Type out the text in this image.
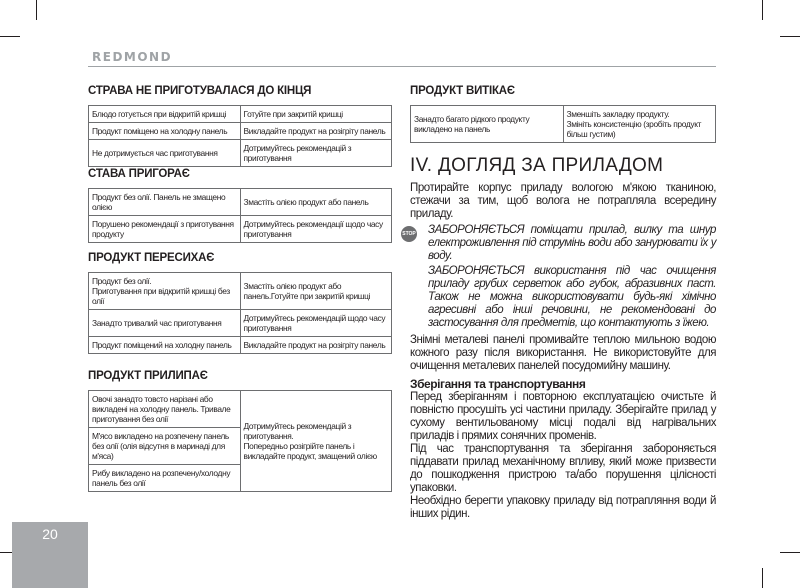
REDMOND
СТРАВА НЕ ПРИГОТУВАЛАСЯ ДО КІНЦЯ
Блюдо готується при відкритій кришці	Готуйте при закритій кришці
Продукт поміщено на холодну панель	Викладайте продукт на розігріту панель
Не дотримується час приготування	Дотримуйтесь рекомендацій з приготування
СТАВА ПРИГОРАЄ
Продукт без олії. Панель не змащено олією	Змастіть олією продукт або панель
Порушено рекомендації з приготування продукту	Дотримуйтесь рекомендації щодо часу приготування
ПРОДУКТ ПЕРЕСИХАЄ
Продукт без олії.
Приготування при відкритій кришці без олії	Змастіть олією продукт або панель.Готуйте при закритій кришці
Занадто тривалий час приготування	Дотримуйтесь рекомендацій щодо часу приготування
Продукт поміщений на холодну панель	Викладайте продукт на розігріту панель
ПРОДУКТ ПРИЛИПАЄ
Овочі занадто товсто нарізані або викладені на холодну панель. Тривале приготування без олії	Дотримуйтесь рекомендацій з приготування.
Попередньо розігрійте панель і викладайте продукт, змащений олією
М'ясо викладено на розпечену панель без олії (олія відсутня в маринаді для м'яса)
Рибу викладено на розпечену/холодну панель без олії
ПРОДУКТ ВИТІКАЄ
Занадто багато рідкого продукту викладено на панель	Зменшіть закладку продукту.
Змініть консистенцію (зробіть продукт більш густим)
IV. ДОГЛЯД ЗА ПРИЛАДОМ

Протирайте корпус приладу вологою м'якою тканиною, стежачи за тим, щоб вологa не потрапляла всередину приладу.

STOP	ЗАБОРОНЯЄТЬСЯ поміщати прилад, вилку та шнур електроживлення під струмінь води або занурювати їх у воду.

ЗАБОРОНЯЄТЬСЯ використання під час очищення приладу грубих серветок або губок, абразивних паст. Також не можна використовувати будь-які хімічно агресивні або інші речовини, не рекомендовані до застосування для предметів, що контактують з їжею.

Знімні металеві панелі промивайте теплою мильною водою кожного разу після використання. Не використовуйте для очищення металевих панелей посудомийну машину.

Зберігання та транспортування

Перед зберіганням і повторною експлуатацією очистьте й повністю просушіть усі частини приладу. Зберігайте прилад у сухому вентильованому місці подалі від нагрівальних приладів і прямих сонячних променів.

Під час транспортування та зберігання забороняється піддавати прилад механічному впливу, який може призвести до пошкодження пристрою та/або порушення цілісності упаковки.

Необхідно берегти упаковку приладу від потрапляння води й інших рідин.

20
